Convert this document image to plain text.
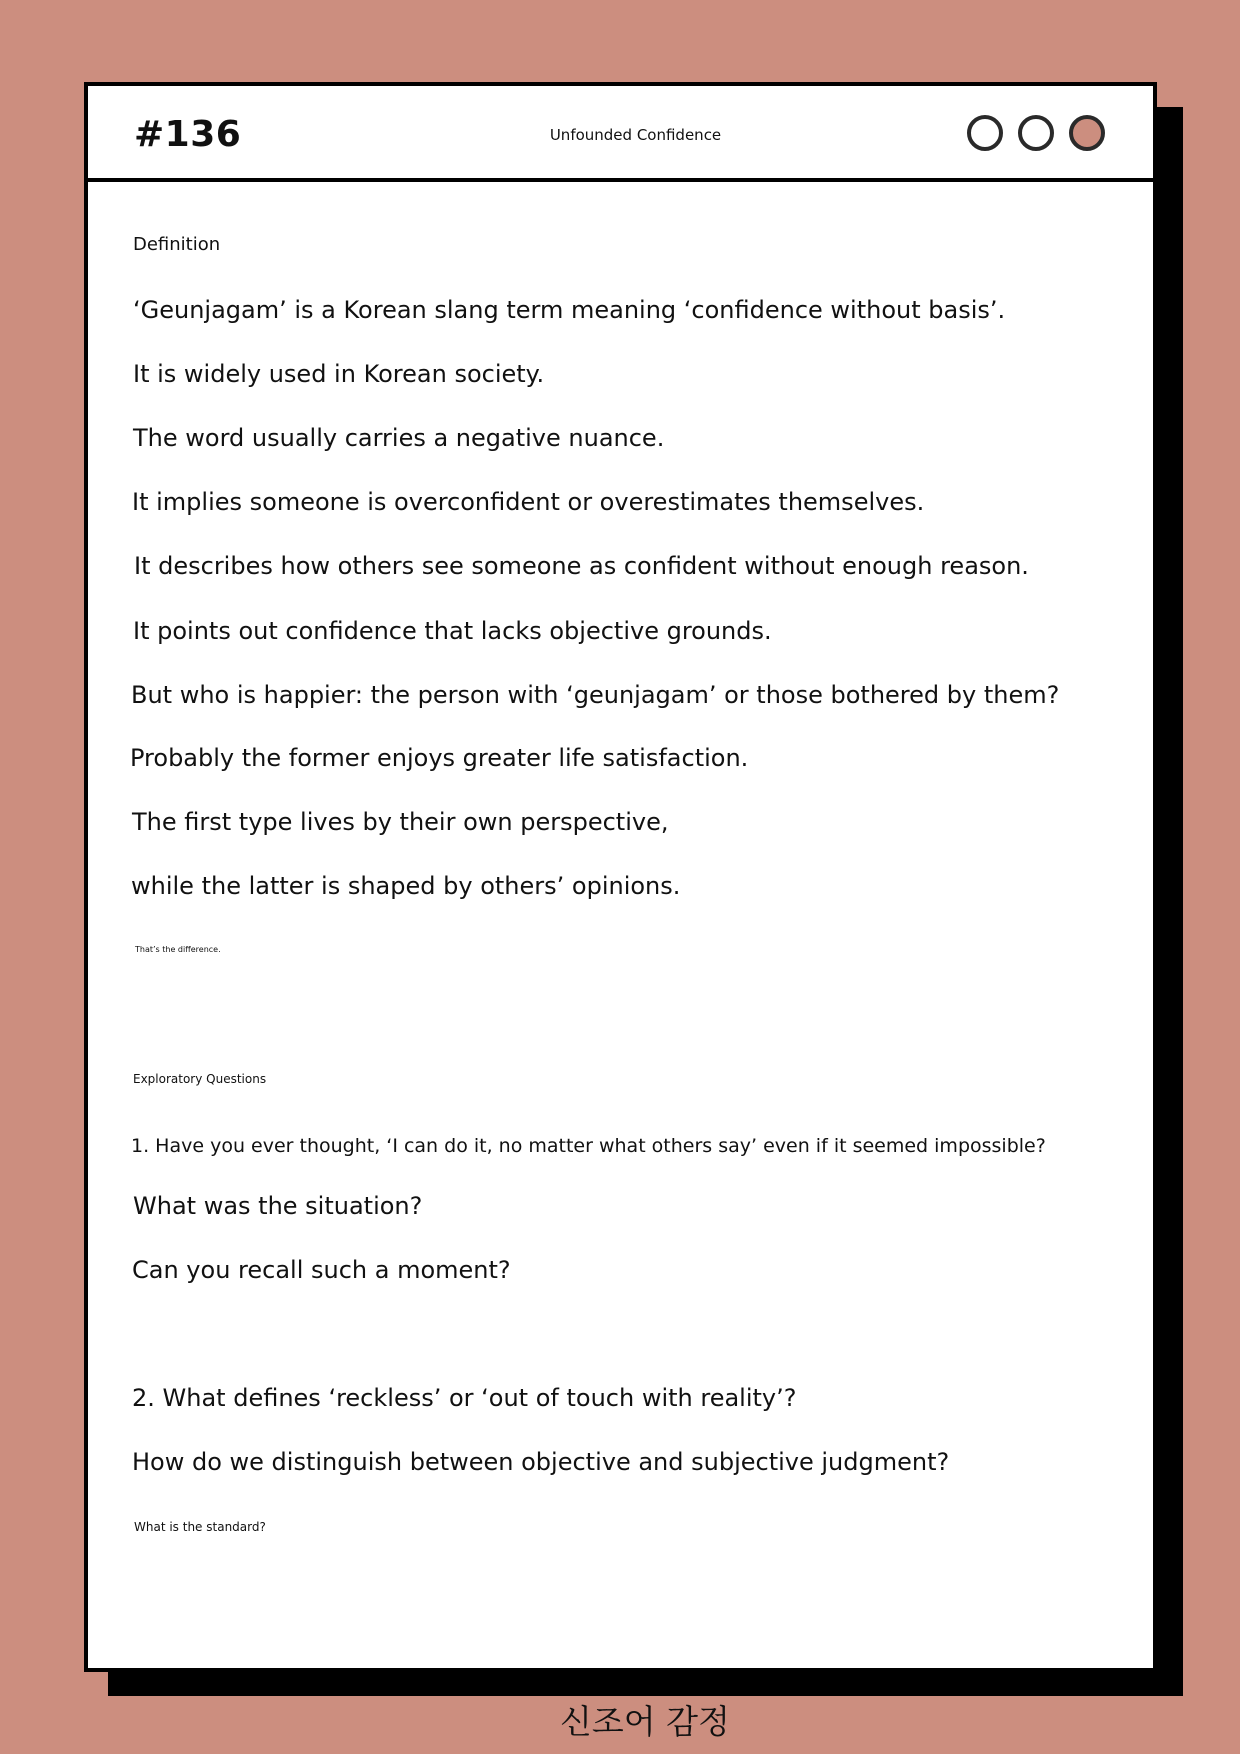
#136	Unfounded Confidence
Definition
‘Geunjagam’ is a Korean slang term meaning ‘confidence without basis’.
It is widely used in Korean society.
The word usually carries a negative nuance.
It implies someone is overconfident or overestimates themselves.
It describes how others see someone as confident without enough reason.
It points out confidence that lacks objective grounds.
But who is happier: the person with ‘geunjagam’ or those bothered by them?
Probably the former enjoys greater life satisfaction.
The first type lives by their own perspective,
while the latter is shaped by others’ opinions.
That’s the difference.
Exploratory Questions
1. Have you ever thought, ‘I can do it, no matter what others say’ even if it seemed impossible?
What was the situation?
Can you recall such a moment?
2. What defines ‘reckless’ or ‘out of touch with reality’?
How do we distinguish between objective and subjective judgment?
What is the standard?
신조어 감정
